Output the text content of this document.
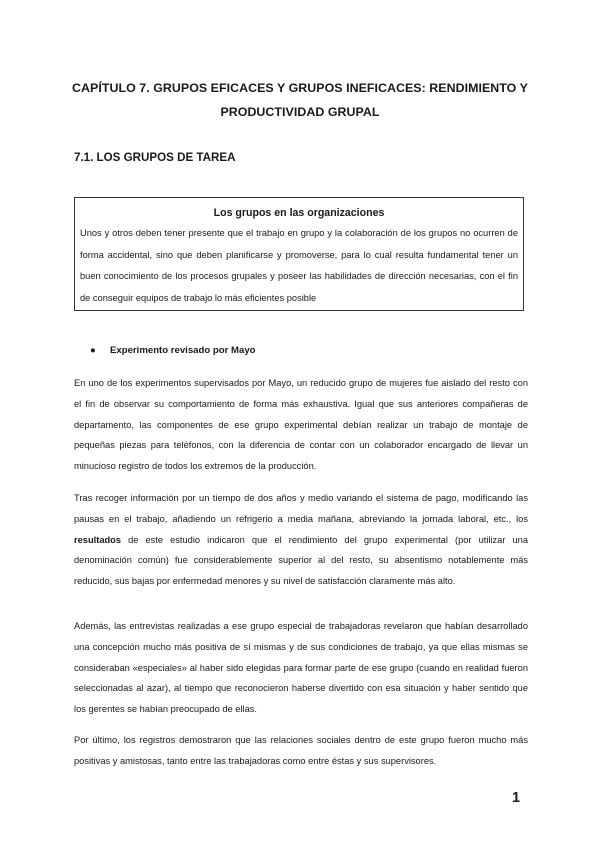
CAPÍTULO 7. GRUPOS EFICACES Y GRUPOS INEFICACES: RENDIMIENTO Y
PRODUCTIVIDAD GRUPAL
7.1. LOS GRUPOS DE TAREA
Los grupos en las organizaciones
Unos y otros deben tener presente que el trabajo en grupo y la colaboración de los grupos no ocurren de forma accidental, sino que deben planificarse y promoverse, para lo cual resulta fundamental tener un buen conocimiento de los procesos grupales y poseer las habilidades de dirección necesarias, con el fin de conseguir equipos de trabajo lo más eficientes posible
● Experimento revisado por Mayo

En uno de los experimentos supervisados por Mayo, un reducido grupo de mujeres fue aislado del resto con el fin de observar su comportamiento de forma más exhaustiva. Igual que sus anteriores compañeras de departamento, las componentes de ese grupo experimental debían realizar un trabajo de montaje de pequeñas piezas para teléfonos, con la diferencia de contar con un colaborador encargado de llevar un minucioso registro de todos los extremos de la producción.

Tras recoger información por un tiempo de dos años y medio variando el sistema de pago, modificando las pausas en el trabajo, añadiendo un refrigerio a media mañana, abreviando la jornada laboral, etc., los resultados de este estudio indicaron que el rendimiento del grupo experimental (por utilizar una denominación común) fue considerablemente superior al del resto, su absentismo notablemente más reducido, sus bajas por enfermedad menores y su nivel de satisfacción claramente más alto.

Además, las entrevistas realizadas a ese grupo especial de trabajadoras revelaron que habían desarrollado una concepción mucho más positiva de sí mismas y de sus condiciones de trabajo, ya que ellas mismas se consideraban «especiales» al haber sido elegidas para formar parte de ese grupo (cuando en realidad fueron seleccionadas al azar), al tiempo que reconocieron haberse divertido con esa situación y haber sentido que los gerentes se habían preocupado de ellas.

Por último, los registros demostraron que las relaciones sociales dentro de este grupo fueron mucho más positivas y amistosas, tanto entre las trabajadoras como entre éstas y sus supervisores.

1
